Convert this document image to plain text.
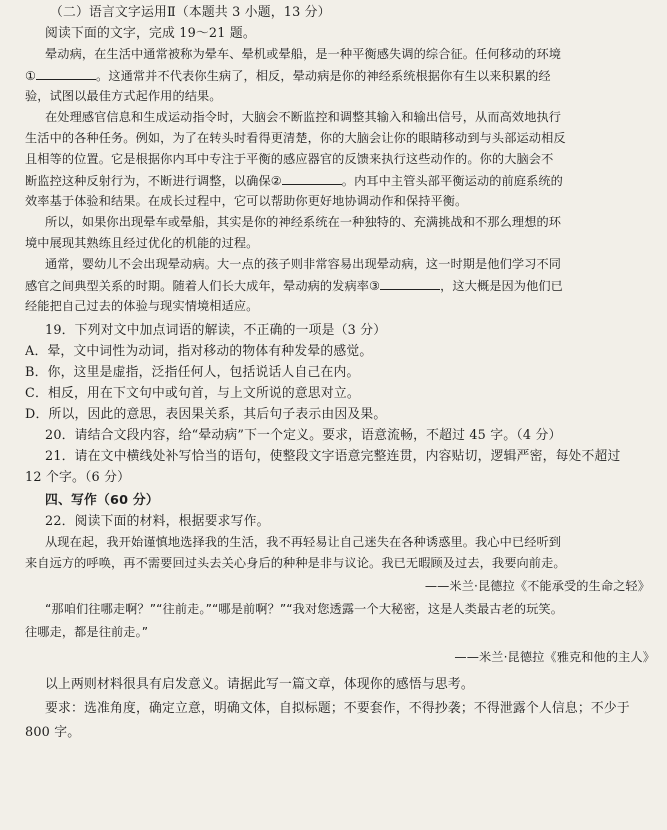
（二）语言文字运用Ⅱ（本题共 3 小题，13 分）
阅读下面的文字，完成 19～21 题。
晕动病，在生活中通常被称为晕车、晕机或晕船，是一种平衡感失调的综合征。任何移动的环境
①	。这通常并不代表你生病了，相反，晕动病是你的神经系统根据你有生以来积累的经
验，试图以最佳方式起作用的结果。
在处理感官信息和生成运动指令时，大脑会不断监控和调整其输入和输出信号，从而高效地执行
生活中的各种任务。例如，为了在转头时看得更清楚，你的大脑会让你的眼睛移动到与头部运动相反
且相等的位置。它是根据你内耳中专注于平衡的感应器官的反馈来执行这些动作的。你的大脑会不
断监控这种反射行为，不断进行调整，以确保②	。内耳中主管头部平衡运动的前庭系统的
效率基于体验和结果。在成长过程中，它可以帮助你更好地协调动作和保持平衡。
所以，如果你出现晕车或晕船，其实是你的神经系统在一种独特的、充满挑战和不那么理想的环
境中展现其熟练且经过优化的机能的过程。
通常，婴幼儿不会出现晕动病。大一点的孩子则非常容易出现晕动病，这一时期是他们学习不同
感官之间典型关系的时期。随着人们长大成年，晕动病的发病率③	，这大概是因为他们已
经能把自己过去的体验与现实情境相适应。
19．下列对文中加点词语的解读，不正确的一项是（3 分）
A．晕，文中词性为动词，指对移动的物体有种发晕的感觉。
B．你，这里是虚指，泛指任何人，包括说话人自己在内。
C．相反，用在下文句中或句首，与上文所说的意思对立。
D．所以，因此的意思，表因果关系，其后句子表示由因及果。
20．请结合文段内容，给“晕动病”下一个定义。要求，语意流畅，不超过 45 字。（4 分）
21．请在文中横线处补写恰当的语句，使整段文字语意完整连贯，内容贴切，逻辑严密，每处不超过
12 个字。（6 分）
四、写作（60 分）
22．阅读下面的材料，根据要求写作。
从现在起，我开始谨慎地选择我的生活，我不再轻易让自己迷失在各种诱惑里。我心中已经听到
来自远方的呼唤，再不需要回过头去关心身后的种种是非与议论。我已无暇顾及过去，我要向前走。
——米兰·昆德拉《不能承受的生命之轻》
“那咱们往哪走啊？”“往前走。”“哪是前啊？”“我对您透露一个大秘密，这是人类最古老的玩笑。
往哪走，都是往前走。”
——米兰·昆德拉《雅克和他的主人》
以上两则材料很具有启发意义。请据此写一篇文章，体现你的感悟与思考。
要求：选准角度，确定立意，明确文体，自拟标题；不要套作，不得抄袭；不得泄露个人信息；不少于
800 字。
